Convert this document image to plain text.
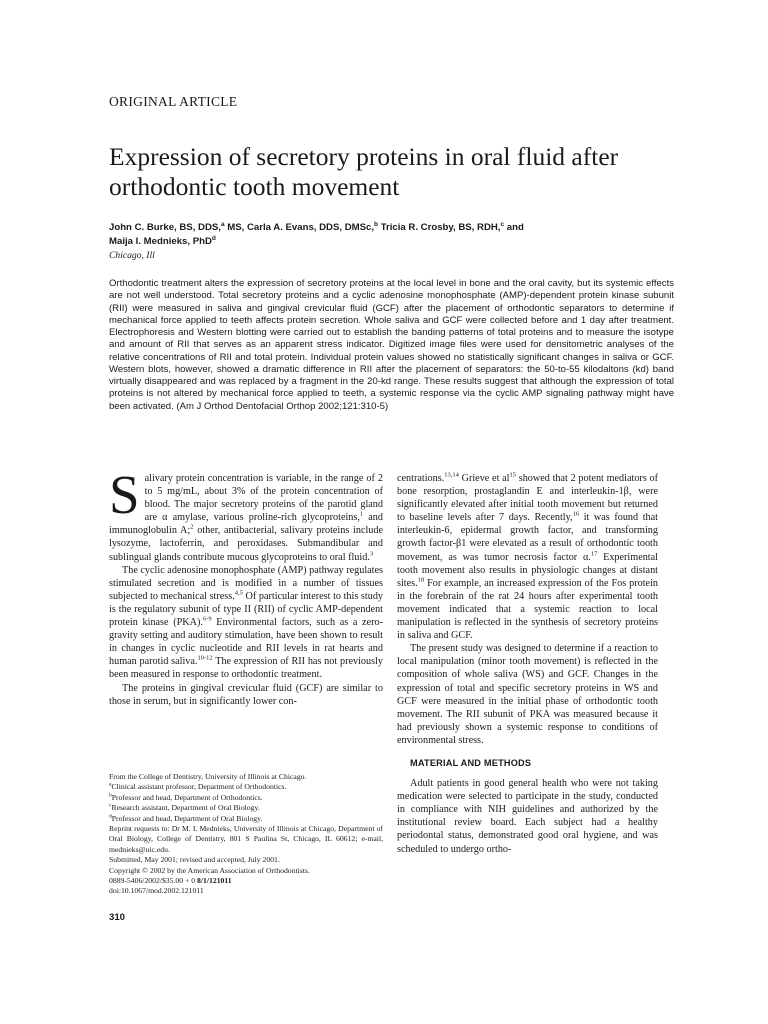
ORIGINAL ARTICLE
Expression of secretory proteins in oral fluid after orthodontic tooth movement
John C. Burke, BS, DDS,$^a$ MS, Carla A. Evans, DDS, DMSc,$^b$ Tricia R. Crosby, BS, RDH,$^c$ and
Maija I. Mednieks, PhD$^d$
Chicago, Ill
Orthodontic treatment alters the expression of secretory proteins at the local level in bone and the oral cavity, but its systemic effects are not well understood. Total secretory proteins and a cyclic adenosine monophosphate (AMP)-dependent protein kinase subunit (RII) were measured in saliva and gingival crevicular fluid (GCF) after the placement of orthodontic separators to determine if mechanical force applied to teeth affects protein secretion. Whole saliva and GCF were collected before and 1 day after treatment. Electrophoresis and Western blotting were carried out to establish the banding patterns of total proteins and to measure the isotype and amount of RII that serves as an apparent stress indicator. Digitized image files were used for densitometric analyses of the relative concentrations of RII and total protein. Individual protein values showed no statistically significant changes in saliva or GCF. Western blots, however, showed a dramatic difference in RII after the placement of separators: the 50-to-55 kilodaltons (kd) band virtually disappeared and was replaced by a fragment in the 20-kd range. These results suggest that although the expression of total proteins is not altered by mechanical force applied to teeth, a systemic response via the cyclic AMP signaling pathway might have been activated. (Am J Orthod Dentofacial Orthop 2002;121:310-5)

Salivary protein concentration is variable, in the range of 2 to 5 mg/mL, about 3% of the protein concentration of blood. The major secretory proteins of the parotid gland are α amylase, various proline-rich glycoproteins,$^1$ and immunoglobulin A;$^2$ other, antibacterial, salivary proteins include lysozyme, lactoferrin, and peroxidases. Submandibular and sublingual glands contribute mucous glycoproteins to oral fluid.$^3$

The cyclic adenosine monophosphate (AMP) pathway regulates stimulated secretion and is modified in a number of tissues subjected to mechanical stress.$^{4,5}$ Of particular interest to this study is the regulatory subunit of type II (RII) of cyclic AMP-dependent protein kinase (PKA).$^{6-9}$ Environmental factors, such as a zero-gravity setting and auditory stimulation, have been shown to result in changes in cyclic nucleotide and RII levels in rat hearts and human parotid saliva.$^{10-12}$ The expression of RII has not previously been measured in response to orthodontic treatment.

The proteins in gingival crevicular fluid (GCF) are similar to those in serum, but in significantly lower con-

From the College of Dentistry, University of Illinois at Chicago.
$^a$Clinical assistant professor, Department of Orthodontics.
$^b$Professor and head, Department of Orthodontics.
$^c$Research assistant, Department of Oral Biology.
$^d$Professor and head, Department of Oral Biology.
Reprint requests to: Dr M. I. Mednieks, University of Illinois at Chicago, Department of Oral Biology, College of Dentistry, 801 S Paulina St, Chicago, IL 60612; e-mail, mednieks@uic.edu.
Submitted, May 2001; revised and accepted, July 2001.
Copyright © 2002 by the American Association of Orthodontists.
0889-5406/2002/$35.00 + 0 8/1/121011
doi:10.1067/mod.2002.121011

centrations.$^{13,14}$ Grieve et $al^{15}$ showed that 2 potent mediators of bone resorption, prostaglandin E and interleukin-1β, were significantly elevated after initial tooth movement but returned to baseline levels after 7 days. Recently,$^{16}$ it was found that interleukin-6, epidermal growth factor, and transforming growth factor-β1 were elevated as a result of orthodontic tooth movement, as was tumor necrosis factor α.$^{17}$ Experimental tooth movement also results in physiologic changes at distant sites.$^{18}$ For example, an increased expression of the Fos protein in the forebrain of the rat 24 hours after experimental tooth movement indicated that a systemic reaction to local manipulation is reflected in the synthesis of secretory proteins in saliva and GCF.

The present study was designed to determine if a reaction to local manipulation (minor tooth movement) is reflected in the composition of whole saliva (WS) and GCF. Changes in the expression of total and specific secretory proteins in WS and GCF were measured in the initial phase of orthodontic tooth movement. The RII subunit of PKA was measured because it had previously shown a systemic response to conditions of environmental stress.

MATERIAL AND METHODS

Adult patients in good general health who were not taking medication were selected to participate in the study, conducted in compliance with NIH guidelines and authorized by the institutional review board. Each subject had a healthy periodontal status, demonstrated good oral hygiene, and was scheduled to undergo ortho-

310
